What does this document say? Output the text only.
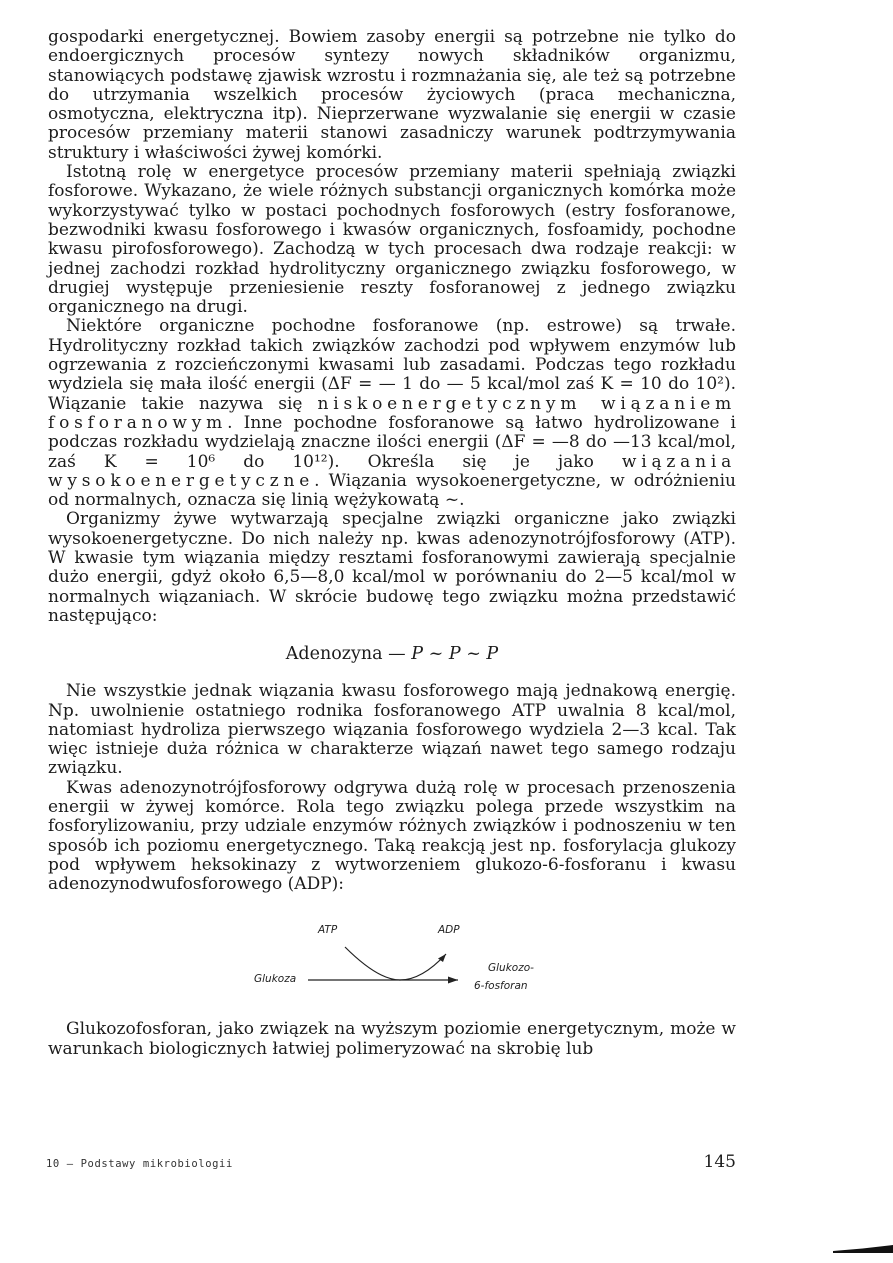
gospodarki energetycznej. Bowiem zasoby energii są potrzebne nie tylko do endoergicznych procesów syntezy nowych składników organizmu, stanowiących podstawę zjawisk wzrostu i rozmnażania się, ale też są potrzebne do utrzymania wszelkich procesów życiowych (praca mechaniczna, osmotyczna, elektryczna itp). Nieprzerwane wyzwalanie się energii w czasie procesów przemiany materii stanowi zasadniczy warunek podtrzymywania struktury i właściwości żywej komórki.

Istotną rolę w energetyce procesów przemiany materii spełniają związki fosforowe. Wykazano, że wiele różnych substancji organicznych komórka może wykorzystywać tylko w postaci pochodnych fosforowych (estry fosforanowe, bezwodniki kwasu fosforowego i kwasów organicznych, fosfoamidy, pochodne kwasu pirofosforowego). Zachodzą w tych procesach dwa rodzaje reakcji: w jednej zachodzi rozkład hydrolityczny organicznego związku fosforowego, w drugiej występuje przeniesienie reszty fosforanowej z jednego związku organicznego na drugi.

Niektóre organiczne pochodne fosforanowe (np. estrowe) są trwałe. Hydrolityczny rozkład takich związków zachodzi pod wpływem enzymów lub ogrzewania z rozcieńczonymi kwasami lub zasadami. Podczas tego rozkładu wydziela się mała ilość energii (ΔF = — 1 do — 5 kcal/mol zaś K = 10 do 10²). Wiązanie takie nazywa się niskoenergetycznym wiązaniem fosforanowym. Inne pochodne fosforanowe są łatwo hydrolizowane i podczas rozkładu wydzielają znaczne ilości energii (ΔF = —8 do —13 kcal/mol, zaś K = 10⁶ do 10¹²). Określa się je jako wiązania wysokoenergetyczne. Wiązania wysokoenergetyczne, w odróżnieniu od normalnych, oznacza się linią wężykowatą ~.

Organizmy żywe wytwarzają specjalne związki organiczne jako związki wysokoenergetyczne. Do nich należy np. kwas adenozynotrójfosforowy (ATP). W kwasie tym wiązania między resztami fosforanowymi zawierają specjalnie dużo energii, gdyż około 6,5—8,0 kcal/mol w porównaniu do 2—5 kcal/mol w normalnych wiązaniach. W skrócie budowę tego związku można przedstawić następująco:

Adenozyna — P ~ P ~ P

Nie wszystkie jednak wiązania kwasu fosforowego mają jednakową energię. Np. uwolnienie ostatniego rodnika fosforanowego ATP uwalnia 8 kcal/mol, natomiast hydroliza pierwszego wiązania fosforowego wydziela 2—3 kcal. Tak więc istnieje duża różnica w charakterze wiązań nawet tego samego rodzaju związku.

Kwas adenozynotrójfosforowy odgrywa dużą rolę w procesach przenoszenia energii w żywej komórce. Rola tego związku polega przede wszystkim na fosforylizowaniu, przy udziale enzymów różnych związków i podnoszeniu w ten sposób ich poziomu energetycznego. Taką reakcją jest np. fosforylacja glukozy pod wpływem heksokinazy z wytworzeniem glukozo-6-fosforanu i kwasu adenozynodwufosforowego (ADP):

ATP	ADP
Glukoza
Glukozo-
6-fosforan

Glukozofosforan, jako związek na wyższym poziomie energetycznym, może w warunkach biologicznych łatwiej polimeryzować na skrobię lub

10 — Podstawy mikrobiologii	145
